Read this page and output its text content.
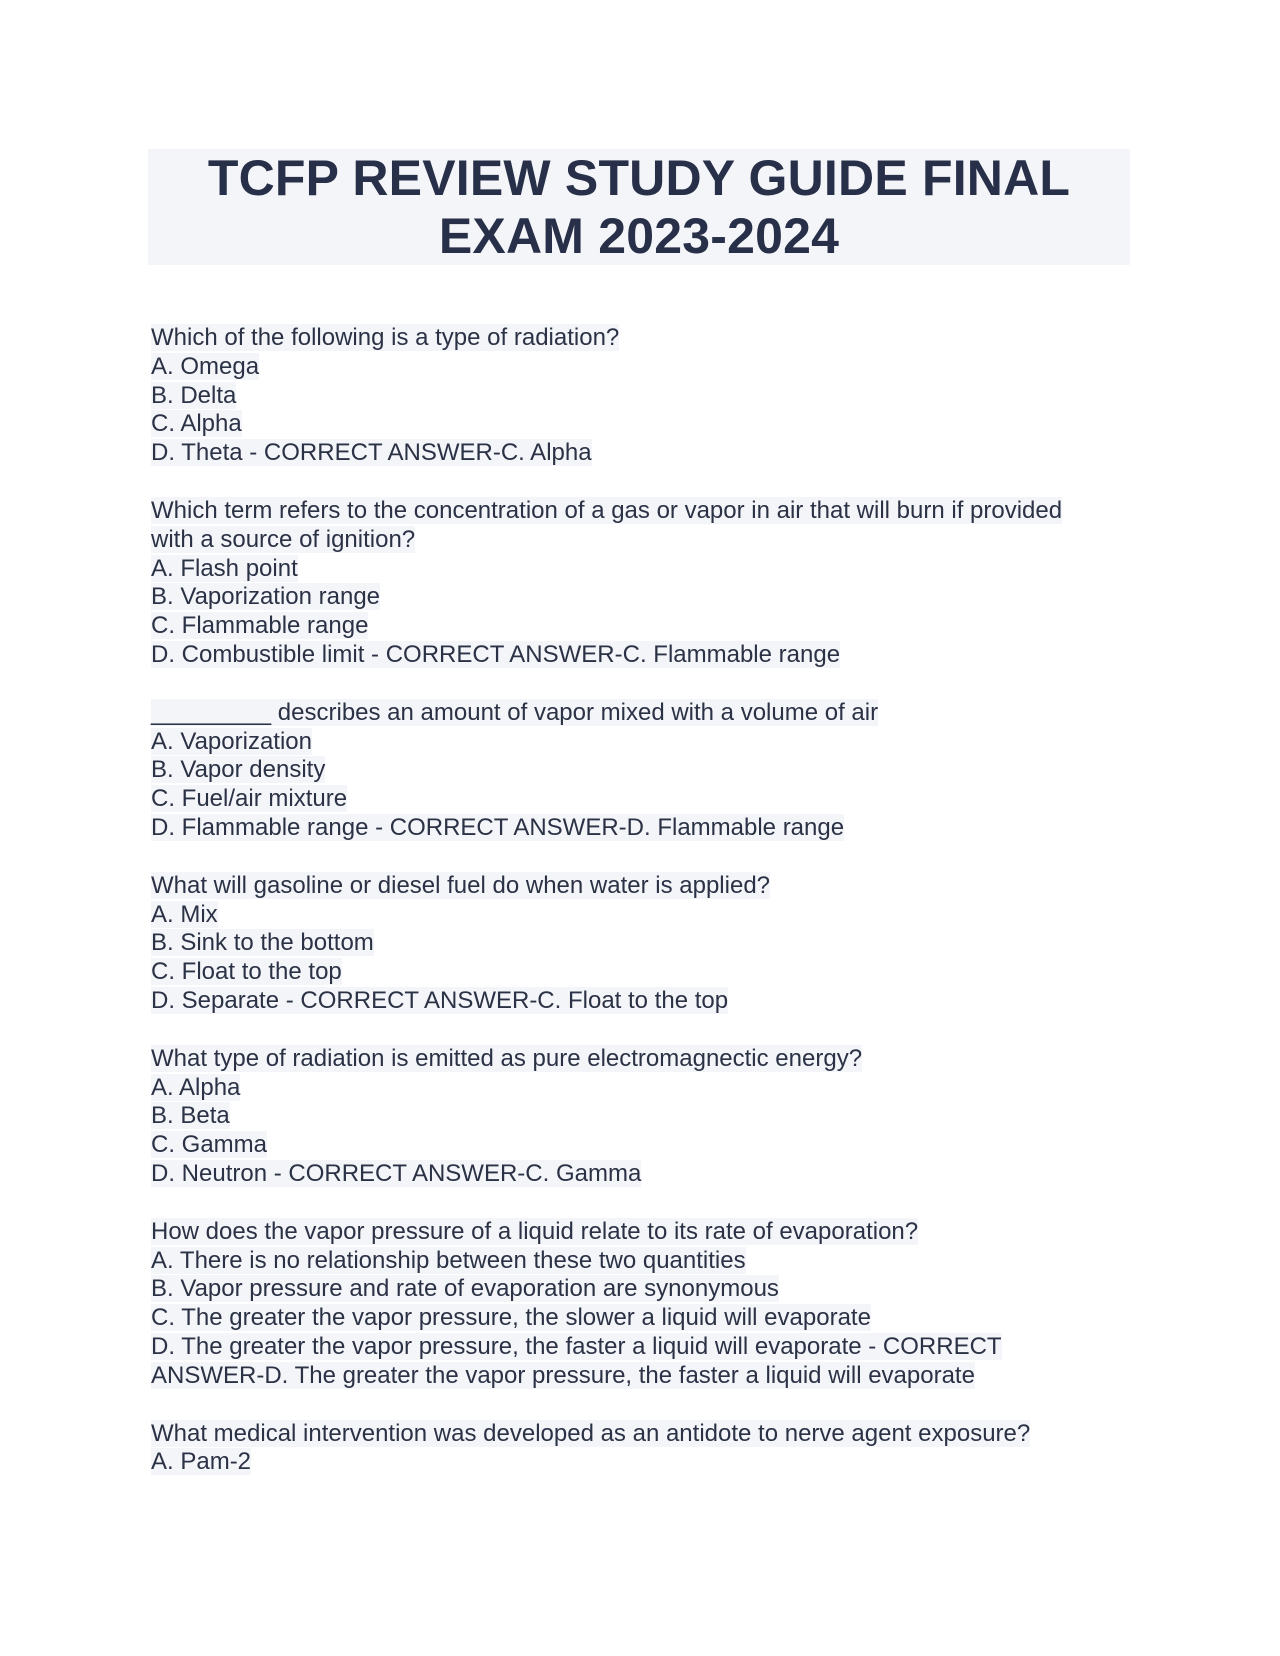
TCFP REVIEW STUDY GUIDE FINAL
EXAM 2023-2024
Which of the following is a type of radiation?
A. Omega
B. Delta
C. Alpha
D. Theta - CORRECT ANSWER-C. Alpha
Which term refers to the concentration of a gas or vapor in air that will burn if provided
with a source of ignition?
A. Flash point
B. Vaporization range
C. Flammable range
D. Combustible limit - CORRECT ANSWER-C. Flammable range
_________ describes an amount of vapor mixed with a volume of air
A. Vaporization
B. Vapor density
C. Fuel/air mixture
D. Flammable range - CORRECT ANSWER-D. Flammable range
What will gasoline or diesel fuel do when water is applied?
A. Mix
B. Sink to the bottom
C. Float to the top
D. Separate - CORRECT ANSWER-C. Float to the top
What type of radiation is emitted as pure electromagnectic energy?
A. Alpha
B. Beta
C. Gamma
D. Neutron - CORRECT ANSWER-C. Gamma
How does the vapor pressure of a liquid relate to its rate of evaporation?
A. There is no relationship between these two quantities
B. Vapor pressure and rate of evaporation are synonymous
C. The greater the vapor pressure, the slower a liquid will evaporate
D. The greater the vapor pressure, the faster a liquid will evaporate - CORRECT
ANSWER-D. The greater the vapor pressure, the faster a liquid will evaporate
What medical intervention was developed as an antidote to nerve agent exposure?
A. Pam-2
